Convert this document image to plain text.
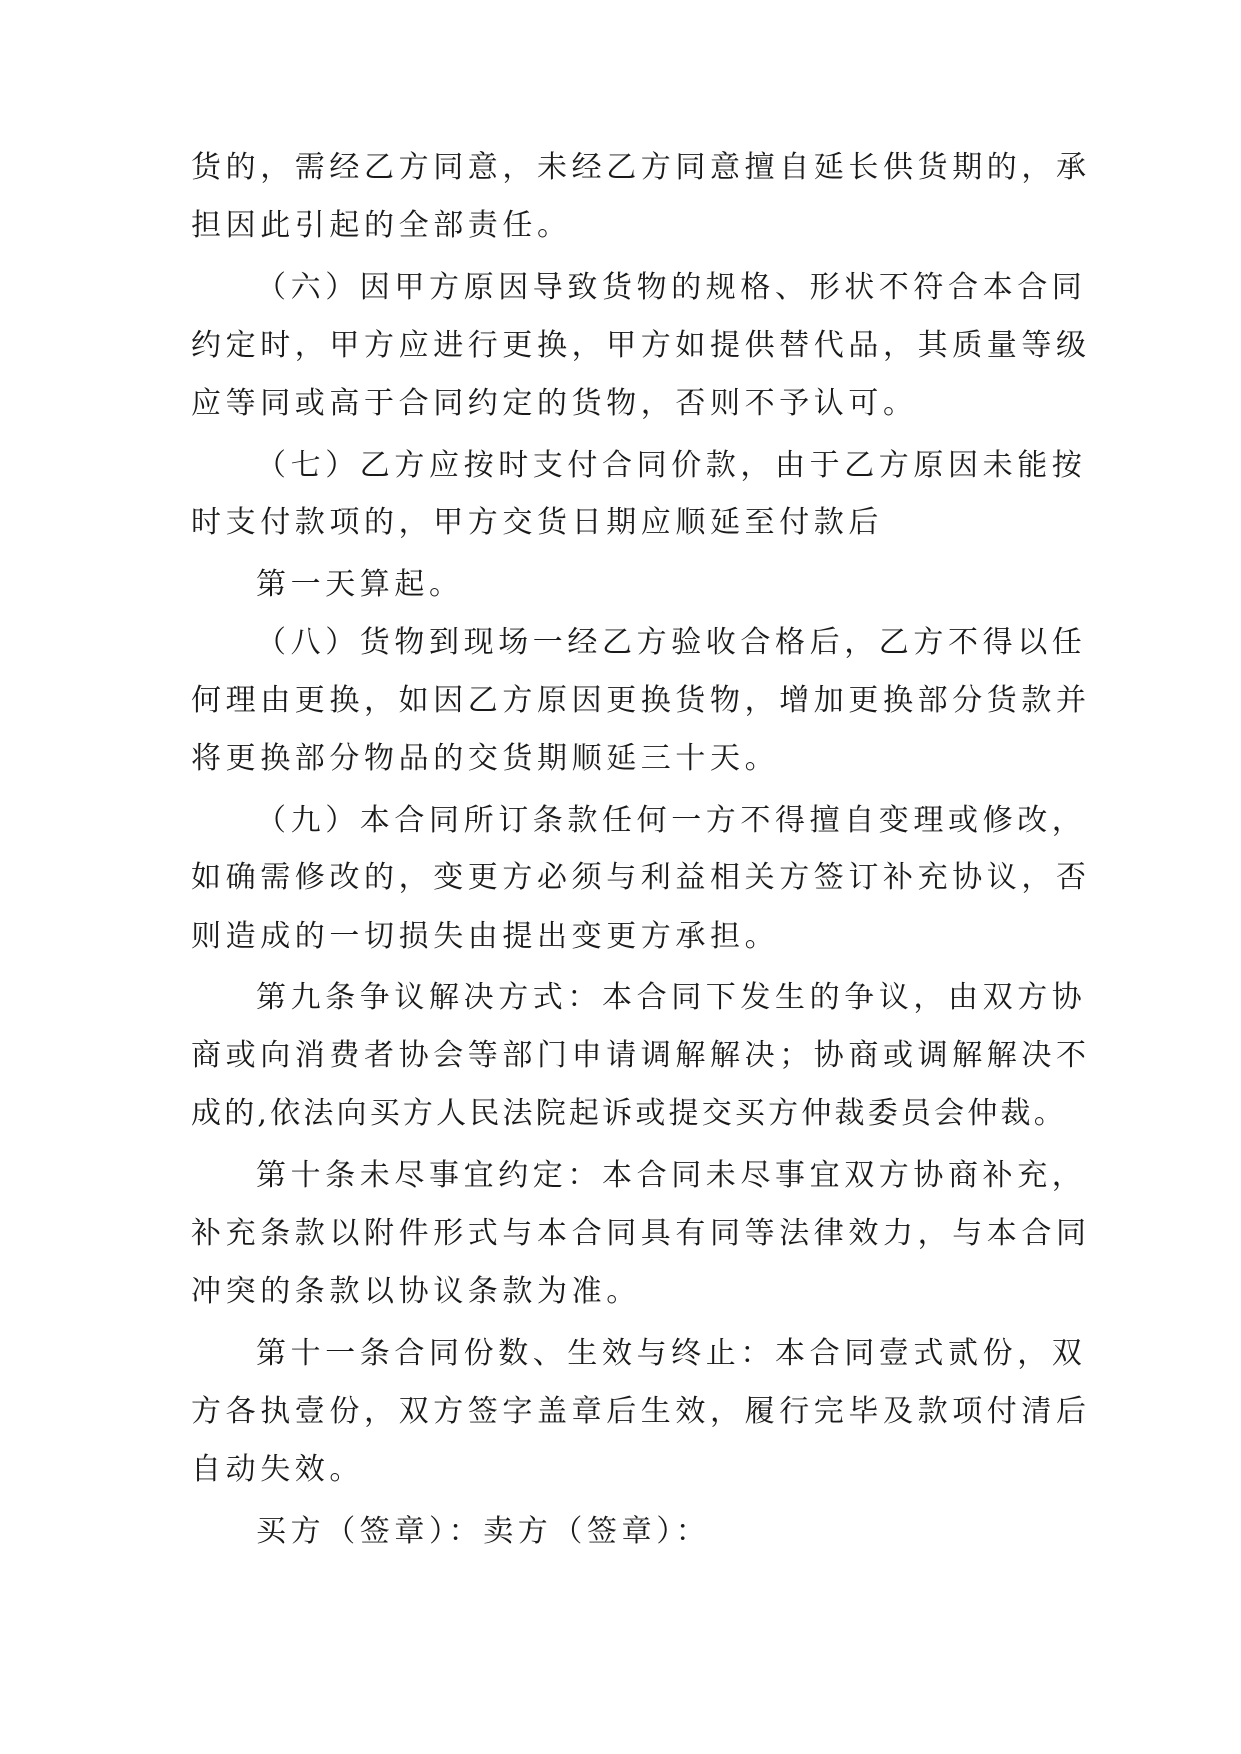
货的，需经乙方同意，未经乙方同意擅自延长供货期的，承
担因此引起的全部责任。
（六）因甲方原因导致货物的规格、形状不符合本合同
约定时，甲方应进行更换，甲方如提供替代品，其质量等级
应等同或高于合同约定的货物，否则不予认可。
（七）乙方应按时支付合同价款，由于乙方原因未能按
时支付款项的，甲方交货日期应顺延至付款后
第一天算起。
（八）货物到现场一经乙方验收合格后，乙方不得以任
何理由更换，如因乙方原因更换货物，增加更换部分货款并
将更换部分物品的交货期顺延三十天。
（九）本合同所订条款任何一方不得擅自变理或修改，
如确需修改的，变更方必须与利益相关方签订补充协议，否
则造成的一切损失由提出变更方承担。
第九条争议解决方式：本合同下发生的争议，由双方协
商或向消费者协会等部门申请调解解决；协商或调解解决不
成的,依法向买方人民法院起诉或提交买方仲裁委员会仲裁。
第十条未尽事宜约定：本合同未尽事宜双方协商补充，
补充条款以附件形式与本合同具有同等法律效力，与本合同
冲突的条款以协议条款为准。
第十一条合同份数、生效与终止：本合同壹式贰份，双
方各执壹份，双方签字盖章后生效，履行完毕及款项付清后
自动失效。
买方（签章）：卖方（签章）：
